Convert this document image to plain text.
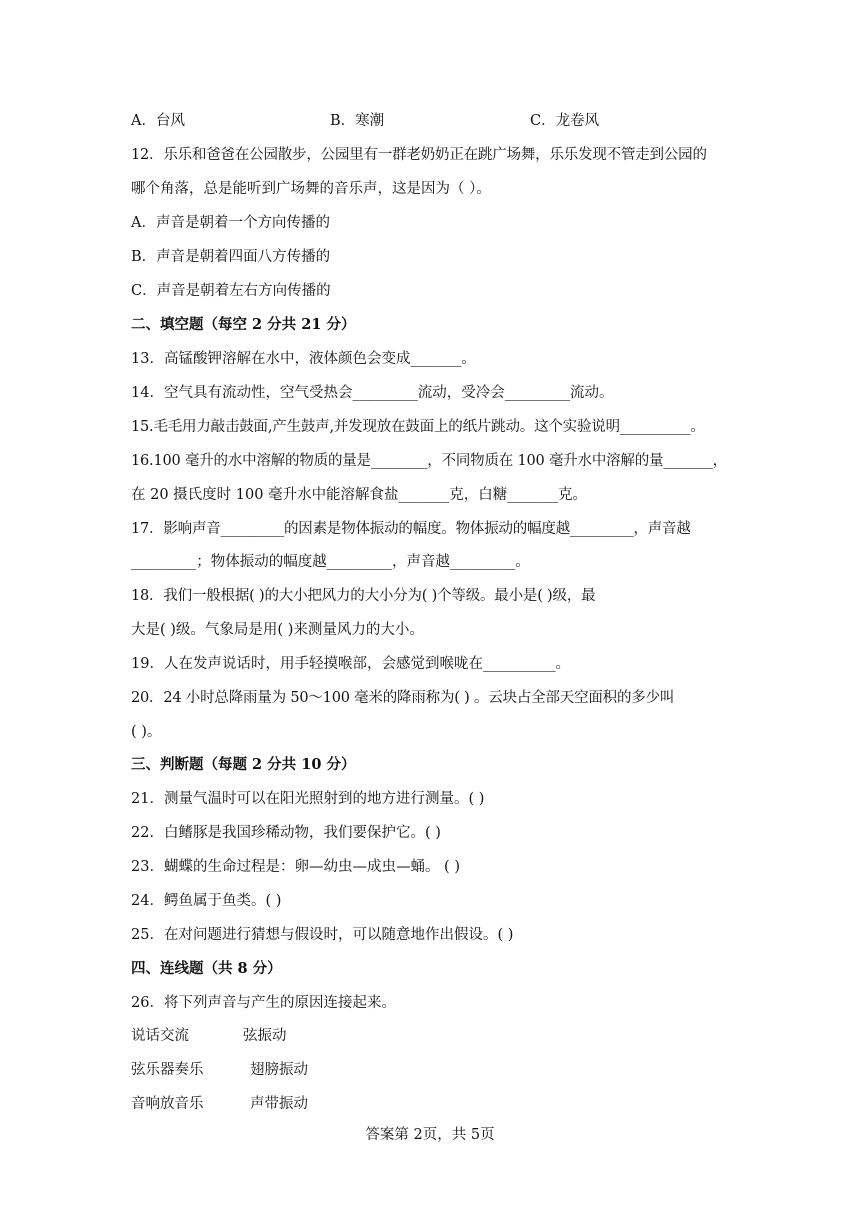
A．台风	B．寒潮	C．龙卷风
12．乐乐和爸爸在公园散步，公园里有一群老奶奶正在跳广场舞，乐乐发现不管走到公园的
哪个角落，总是能听到广场舞的音乐声，这是因为（ ）。
A．声音是朝着一个方向传播的
B．声音是朝着四面八方传播的
C．声音是朝着左右方向传播的
二、填空题（每空 2 分共 21 分）
13．高锰酸钾溶解在水中，液体颜色会变成_______。
14．空气具有流动性，空气受热会_________流动，受冷会_________流动。
15.毛毛用力敲击鼓面,产生鼓声,并发现放在鼓面上的纸片跳动。这个实验说明__________。
16.100 毫升的水中溶解的物质的量是________，不同物质在 100 毫升水中溶解的量_______，
在 20 摄氏度时 100 毫升水中能溶解食盐_______克，白糖_______克。
17．影响声音_________的因素是物体振动的幅度。物体振动的幅度越_________，声音越
_________；物体振动的幅度越_________，声音越_________。
18．我们一般根据( )的大小把风力的大小分为( )个等级。最小是( )级，最
大是( )级。气象局是用( )来测量风力的大小。
19．人在发声说话时，用手轻摸喉部，会感觉到喉咙在__________。
20．24 小时总降雨量为 50～100 毫米的降雨称为( ) 。云块占全部天空面积的多少叫
( )。
三、判断题（每题 2 分共 10 分）
21．测量气温时可以在阳光照射到的地方进行测量。( )
22．白鳍豚是我国珍稀动物，我们要保护它。( )
23．蝴蝶的生命过程是：卵—幼虫—成虫—蛹。 ( )
24．鳄鱼属于鱼类。( )
25．在对问题进行猜想与假设时，可以随意地作出假设。( )
四、连线题（共 8 分）
26．将下列声音与产生的原因连接起来。
说话交流	弦振动
弦乐器奏乐	翅膀振动
音响放音乐	声带振动
答案第 2页，共 5页
